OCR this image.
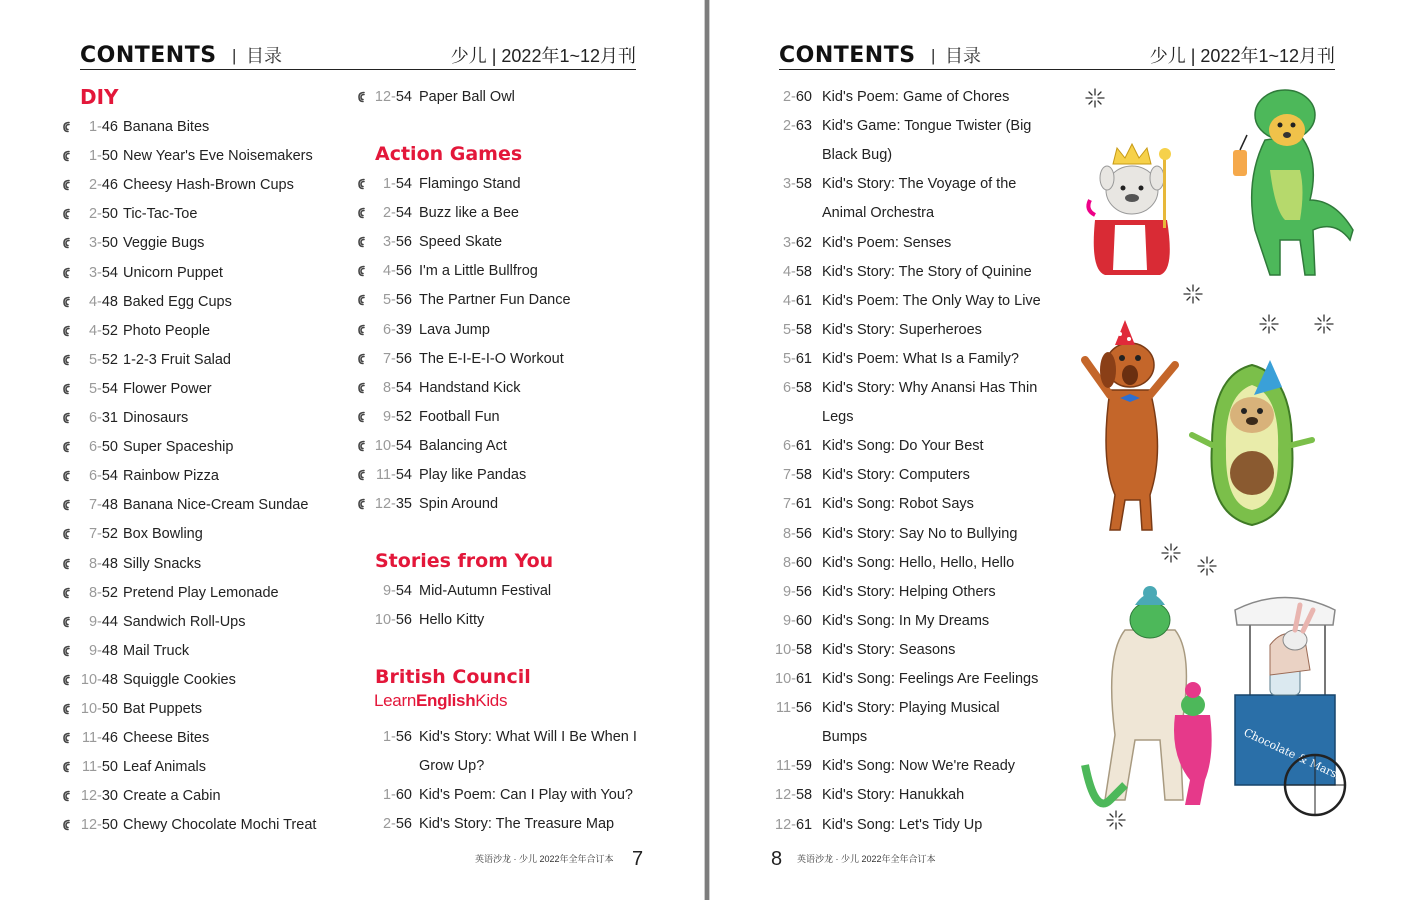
CONTENTS | 目录	少儿 | 2022年1~12月刊
DIY
1-46 Banana Bites
1-50 New Year's Eve Noisemakers
2-46 Cheesy Hash-Brown Cups
2-50 Tic-Tac-Toe
3-50 Veggie Bugs
3-54 Unicorn Puppet
4-48 Baked Egg Cups
4-52 Photo People
5-52 1-2-3 Fruit Salad
5-54 Flower Power
6-31 Dinosaurs
6-50 Super Spaceship
6-54 Rainbow Pizza
7-48 Banana Nice-Cream Sundae
7-52 Box Bowling
8-48 Silly Snacks
8-52 Pretend Play Lemonade
9-44 Sandwich Roll-Ups
9-48 Mail Truck
10-48 Squiggle Cookies
10-50 Bat Puppets
11-46 Cheese Bites
11-50 Leaf Animals
12-30 Create a Cabin
12-50 Chewy Chocolate Mochi Treat
12-54 Paper Ball Owl
1-54 Flamingo Stand
2-54 Buzz like a Bee
3-56 Speed Skate
4-56 I'm a Little Bullfrog
5-56 The Partner Fun Dance
6-39 Lava Jump
7-56 The E-I-E-I-O Workout
8-54 Handstand Kick
9-52 Football Fun
10-54 Balancing Act
11-54 Play like Pandas
12-35 Spin Around
9-54 Mid-Autumn Festival
10-56 Hello Kitty
1-56 Kid's Story: What Will I Be When I
Grow Up?
1-60 Kid's Poem: Can I Play with You?
2-56 Kid's Story: The Treasure Map
Action Games
Stories from You
British Council
LearnEnglishKids
英语沙龙 · 少儿 2022年全年合订本 7
CONTENTS | 目录	少儿 | 2022年1~12月刊
2-60 Kid's Poem: Game of Chores
2-63 Kid's Game: Tongue Twister (Big
Black Bug)
3-58 Kid's Story: The Voyage of the
Animal Orchestra
3-62 Kid's Poem: Senses
4-58 Kid's Story: The Story of Quinine
4-61 Kid's Poem: The Only Way to Live
5-58 Kid's Story: Superheroes
5-61 Kid's Poem: What Is a Family?
6-58 Kid's Story: Why Anansi Has Thin
Legs
6-61 Kid's Song: Do Your Best
7-58 Kid's Story: Computers
7-61 Kid's Song: Robot Says
8-56 Kid's Story: Say No to Bullying
8-60 Kid's Song: Hello, Hello, Hello
9-56 Kid's Story: Helping Others
9-60 Kid's Song: In My Dreams
10-58 Kid's Story: Seasons
10-61 Kid's Song: Feelings Are Feelings
11-56 Kid's Story: Playing Musical
Bumps
11-59 Kid's Song: Now We're Ready
12-58 Kid's Story: Hanukkah
12-61 Kid's Song: Let's Tidy Up
Chocolate & Marshmallow
英语沙龙 · 少儿 2022年全年合订本
8
